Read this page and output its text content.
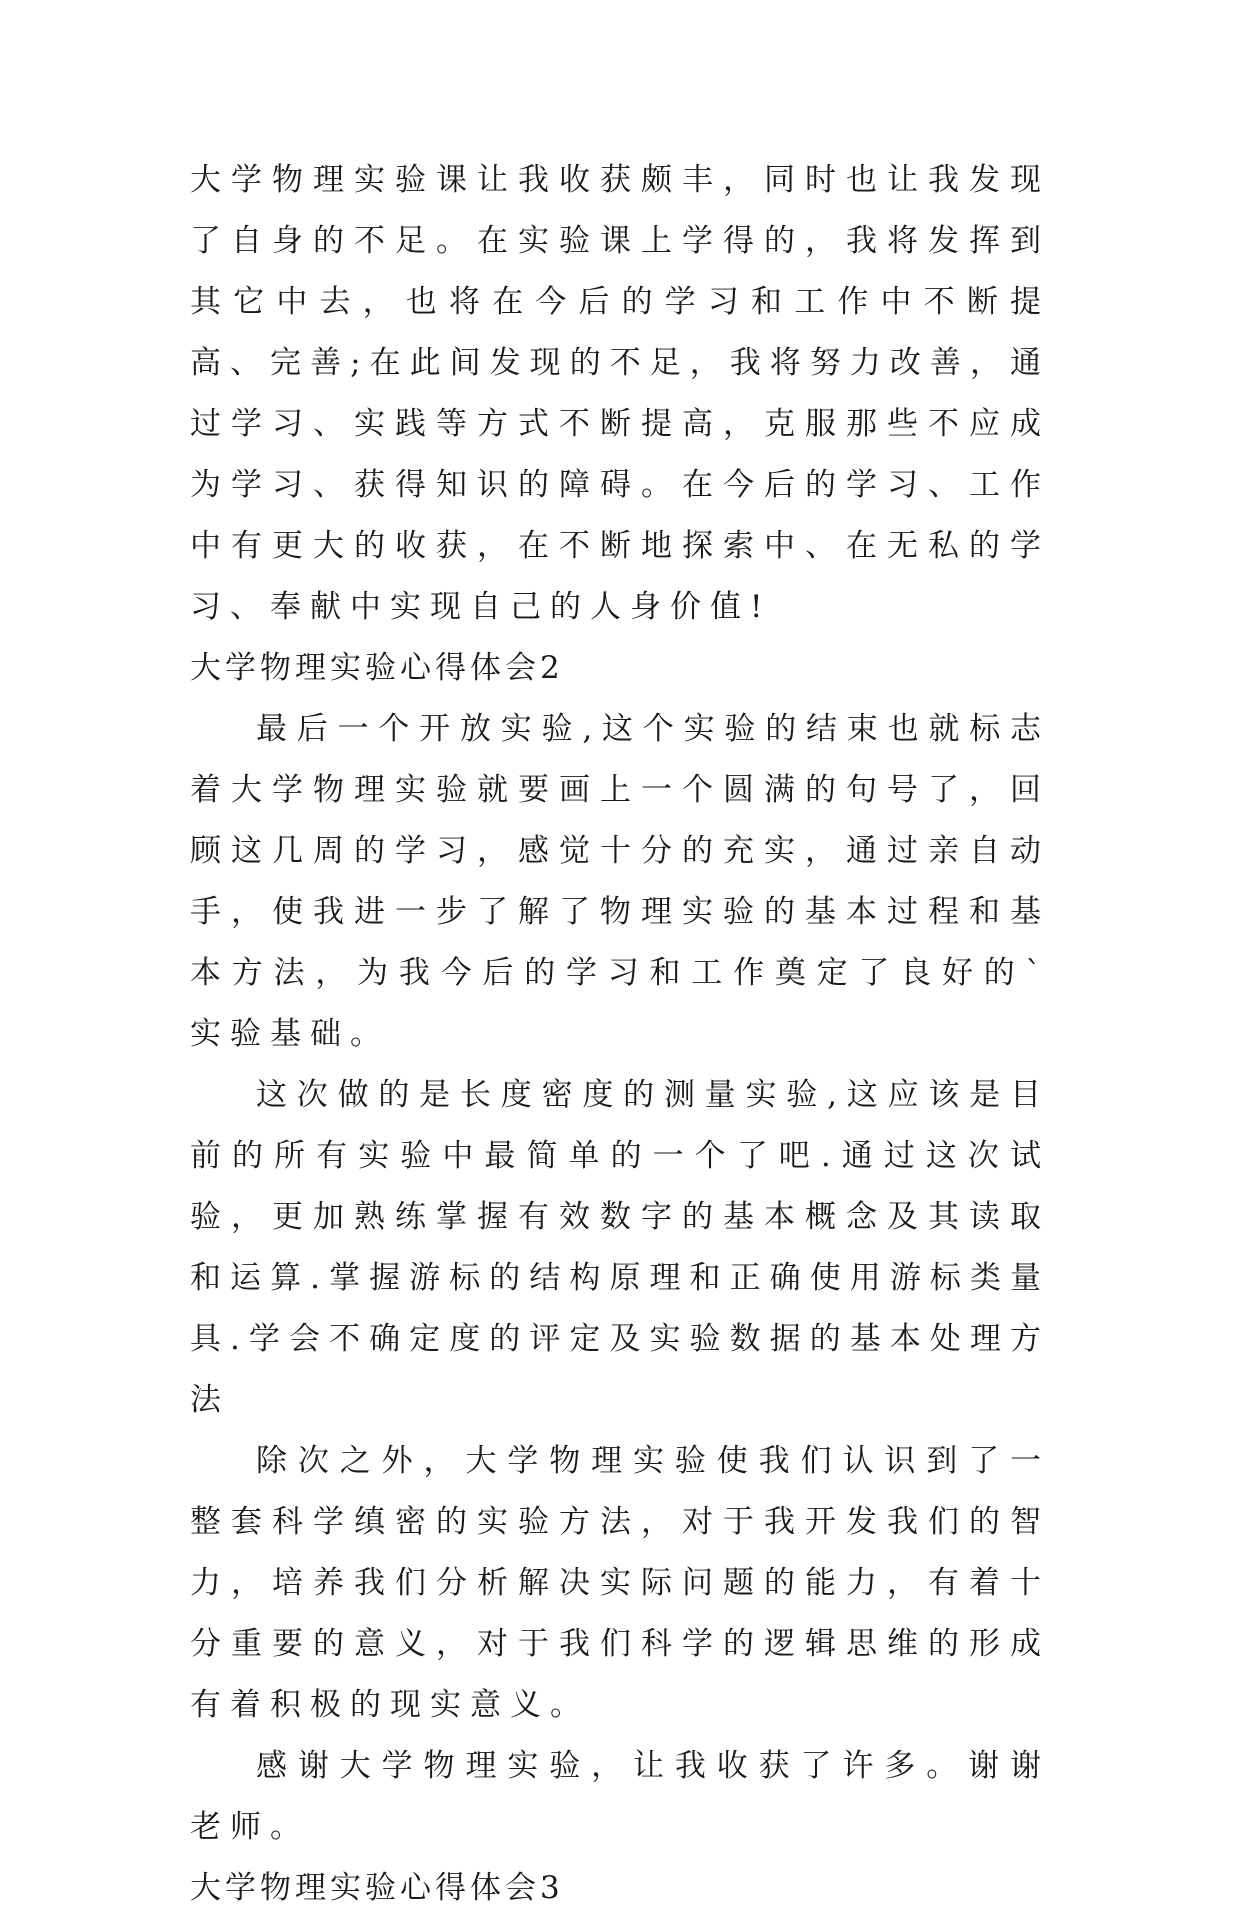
大学物理实验课让我收获颇丰，同时也让我发现了自身的不足。在实验课上学得的，我将发挥到其它中去，也将在今后的学习和工作中不断提高、完善;在此间发现的不足，我将努力改善，通过学习、实践等方式不断提高，克服那些不应成为学习、获得知识的障碍。在今后的学习、工作中有更大的收获，在不断地探索中、在无私的学习、奉献中实现自己的人身价值!

大学物理实验心得体会2

最后一个开放实验,这个实验的结束也就标志着大学物理实验就要画上一个圆满的句号了，回顾这几周的学习，感觉十分的充实，通过亲自动手，使我进一步了解了物理实验的基本过程和基本方法，为我今后的学习和工作奠定了良好的`实验基础。

这次做的是长度密度的测量实验,这应该是目前的所有实验中最简单的一个了吧.通过这次试验，更加熟练掌握有效数字的基本概念及其读取和运算.掌握游标的结构原理和正确使用游标类量具.学会不确定度的评定及实验数据的基本处理方法

除次之外，大学物理实验使我们认识到了一整套科学缜密的实验方法，对于我开发我们的智力，培养我们分析解决实际问题的能力，有着十分重要的意义，对于我们科学的逻辑思维的形成有着积极的现实意义。

感谢大学物理实验，让我收获了许多。谢谢老师。

大学物理实验心得体会3
